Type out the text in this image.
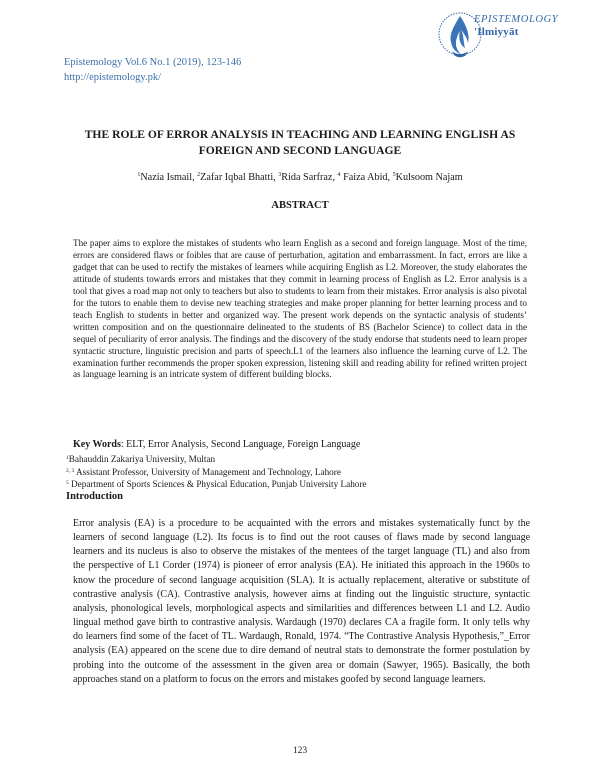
Epistemology Vol.6 No.1 (2019), 123-146
http://epistemology.pk/
EPISTEMOLOGY
'Ilmiyyāt
THE ROLE OF ERROR ANALYSIS IN TEACHING AND LEARNING ENGLISH AS FOREIGN AND SECOND LANGUAGE
$^1$Nazia Ismail, $^2$Zafar Iqbal Bhatti, $^3$Rida Sarfraz, $^4$ Faiza Abid, $^5$Kulsoom Najam
ABSTRACT

The paper aims to explore the mistakes of students who learn English as a second and foreign language. Most of the time, errors are considered flaws or foibles that are cause of perturbation, agitation and embarrassment. In fact, errors are like a gadget that can be used to rectify the mistakes of learners while acquiring English as L2. Moreover, the study elaborates the attitude of students towards errors and mistakes that they commit in learning process of English as L2. Error analysis is a tool that gives a road map not only to teachers but also to students to learn from their mistakes. Error analysis is also pivotal for the tutors to enable them to devise new teaching strategies and make proper planning for better learning process and to teach English to students in better and organized way. The present work depends on the syntactic analysis of students’ written composition and on the questionnaire delineated to the students of BS (Bachelor Science) to collect data in the sequel of peculiarity of error analysis. The findings and the discovery of the study endorse that students need to learn proper syntactic structure, linguistic precision and parts of speech.L1 of the learners also influence the learning curve of L2. The examination further recommends the proper spoken expression, listening skill and reading ability for refined written project as language learning is an intricate system of different building blocks.

Key Words: ELT, Error Analysis, Second Language, Foreign Language
$^1$Bahauddin Zakariya University, Multan
$^{2, 3}$ Assistant Professor, University of Management and Technology, Lahore
$^5$ Department of Sports Sciences & Physical Education, Punjab University Lahore
Introduction

Error analysis (EA) is a procedure to be acquainted with the errors and mistakes systematically funct by the learners of second language (L2). Its focus is to find out the root causes of flaws made by second language learners and its nucleus is also to observe the mistakes of the mentees of the target language (TL) and also from the perspective of L1 Corder (1974) is pioneer of error analysis (EA). He initiated this approach in the 1960s to know the procedure of second language acquisition (SLA). It is actually replacement, alterative or substitute of contrastive analysis (CA). Contrastive analysis, however aims at finding out the linguistic structure, syntactic analysis, phonological levels, morphological aspects and similarities and differences between L1 and L2. Audio lingual method gave birth to contrastive analysis. Wardaugh (1970) declares CA a fragile form. It only tells why do learners find some of the facet of TL. Wardaugh, Ronald, 1974. “The Contrastive Analysis Hypothesis,”_Error analysis (EA) appeared on the scene due to dire demand of neutral stats to demonstrate the former postulation by probing into the outcome of the assessment in the given area or domain (Sawyer, 1965). Basically, the both approaches stand on a platform to focus on the errors and mistakes goofed by second language learners.

123
